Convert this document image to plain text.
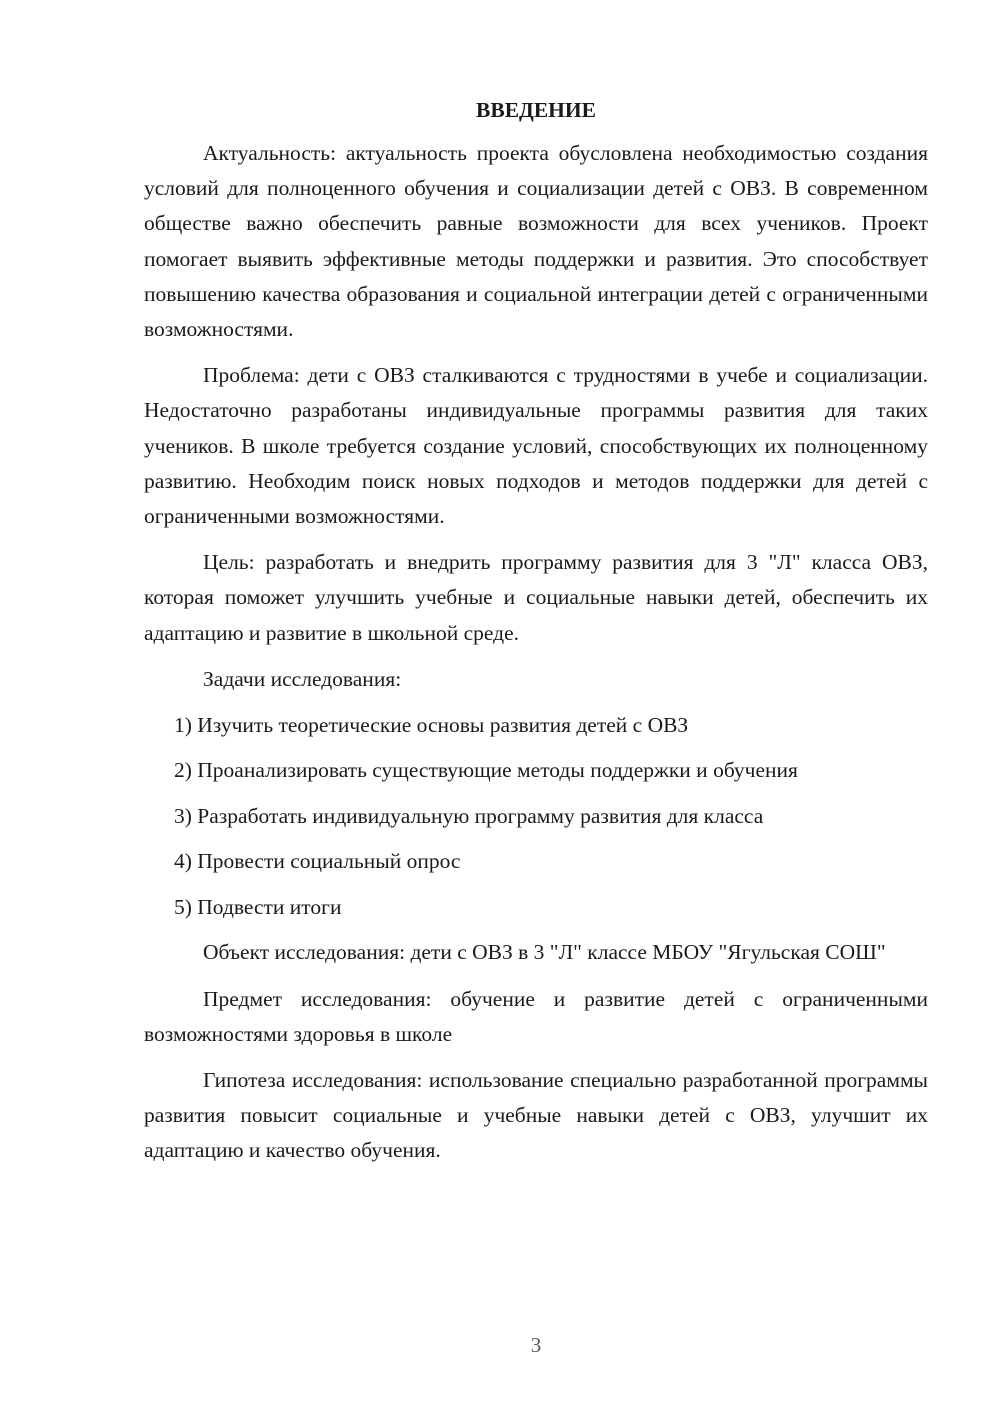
ВВЕДЕНИЕ

Актуальность: актуальность проекта обусловлена необходимостью создания условий для полноценного обучения и социализации детей с ОВЗ. В современном обществе важно обеспечить равные возможности для всех учеников. Проект помогает выявить эффективные методы поддержки и развития. Это способствует повышению качества образования и социальной интеграции детей с ограниченными возможностями.

Проблема: дети с ОВЗ сталкиваются с трудностями в учебе и социализации. Недостаточно разработаны индивидуальные программы развития для таких учеников. В школе требуется создание условий, способствующих их полноценному развитию. Необходим поиск новых подходов и методов поддержки для детей с ограниченными возможностями.

Цель: разработать и внедрить программу развития для 3 "Л" класса ОВЗ, которая поможет улучшить учебные и социальные навыки детей, обеспечить их адаптацию и развитие в школьной среде.

Задачи исследования:

1) Изучить теоретические основы развития детей с ОВЗ
2) Проанализировать существующие методы поддержки и обучения
3) Разработать индивидуальную программу развития для класса
4) Провести социальный опрос
5) Подвести итоги

Объект исследования: дети с ОВЗ в 3 "Л" классе МБОУ "Ягульская СОШ"

Предмет исследования: обучение и развитие детей с ограниченными возможностями здоровья в школе

Гипотеза исследования: использование специально разработанной программы развития повысит социальные и учебные навыки детей с ОВЗ, улучшит их адаптацию и качество обучения.

3
